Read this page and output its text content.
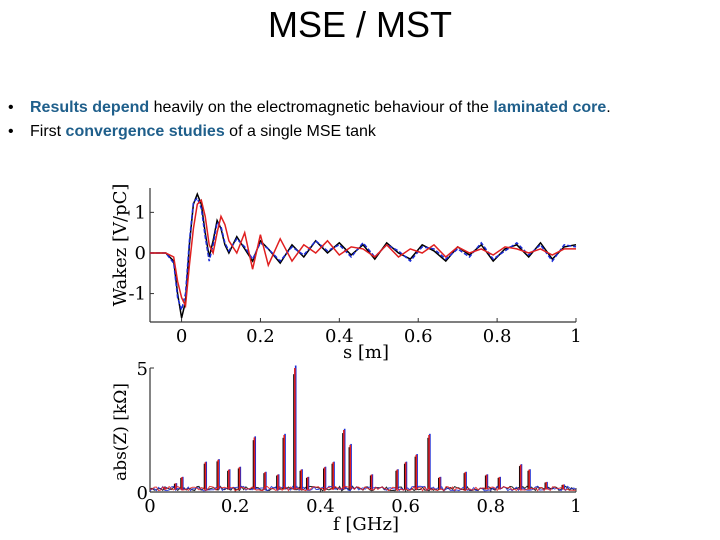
MSE / MST
• Results depend heavily on the electromagnetic behaviour of the laminated core.
• First convergence studies of a single MSE tank
0	0.2	0.4	0.6	0.8	1
1
0
-1
s [m]
Wakez [V/pC]
0	0.2	0.4	0.6	0.8	1
5
0
f [GHz]
abs(Z) [kΩ]
